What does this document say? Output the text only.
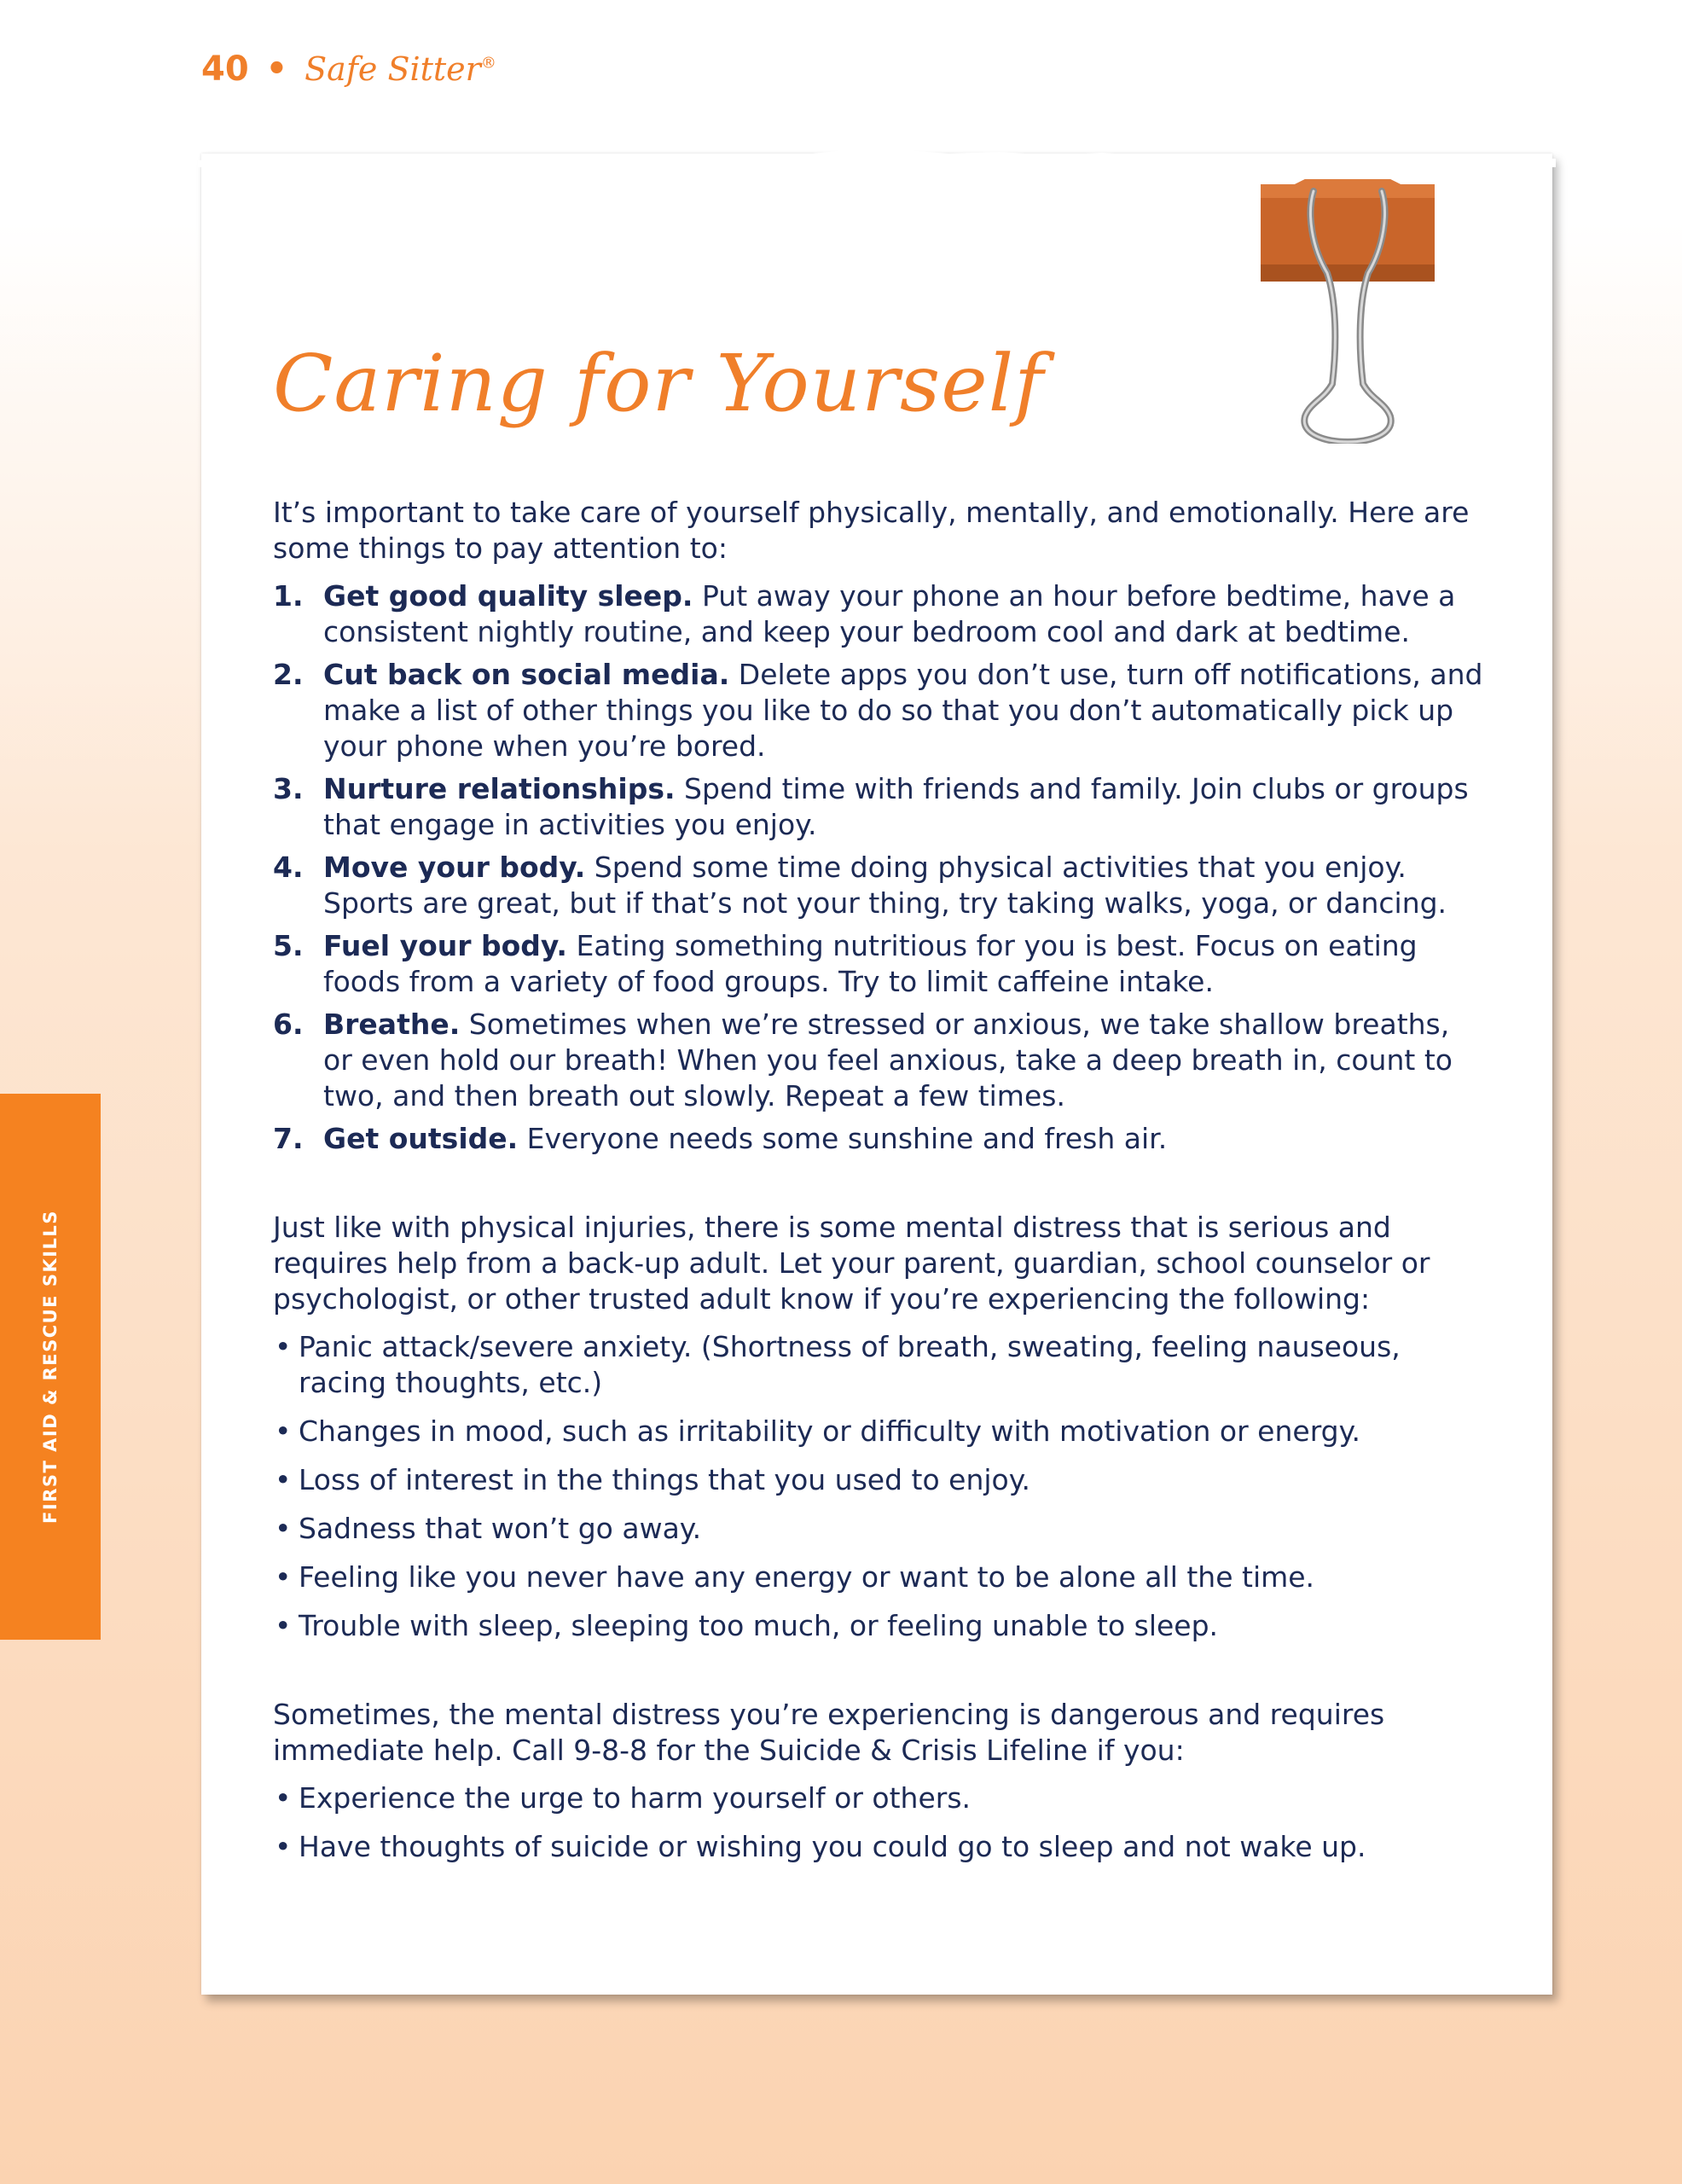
40 • Safe Sitter®
FIRST AID & RESCUE SKILLS
Caring for Yourself

It’s important to take care of yourself physically, mentally, and emotionally. Here are some things to pay attention to:

1. Get good quality sleep. Put away your phone an hour before bedtime, have a consistent nightly routine, and keep your bedroom cool and dark at bedtime.
2. Cut back on social media. Delete apps you don’t use, turn off notifications, and make a list of other things you like to do so that you don’t automatically pick up your phone when you’re bored.
3. Nurture relationships. Spend time with friends and family. Join clubs or groups that engage in activities you enjoy.
4. Move your body. Spend some time doing physical activities that you enjoy. Sports are great, but if that’s not your thing, try taking walks, yoga, or dancing.
5. Fuel your body. Eating something nutritious for you is best. Focus on eating foods from a variety of food groups. Try to limit caffeine intake.
6. Breathe. Sometimes when we’re stressed or anxious, we take shallow breaths, or even hold our breath! When you feel anxious, take a deep breath in, count to two, and then breath out slowly. Repeat a few times.
7. Get outside. Everyone needs some sunshine and fresh air.

Just like with physical injuries, there is some mental distress that is serious and requires help from a back-up adult. Let your parent, guardian, school counselor or psychologist, or other trusted adult know if you’re experiencing the following:

• Panic attack/severe anxiety. (Shortness of breath, sweating, feeling nauseous, racing thoughts, etc.)
• Changes in mood, such as irritability or difficulty with motivation or energy.
• Loss of interest in the things that you used to enjoy.
• Sadness that won’t go away.
• Feeling like you never have any energy or want to be alone all the time.
• Trouble with sleep, sleeping too much, or feeling unable to sleep.

Sometimes, the mental distress you’re experiencing is dangerous and requires immediate help. Call 9-8-8 for the Suicide & Crisis Lifeline if you:

• Experience the urge to harm yourself or others.
• Have thoughts of suicide or wishing you could go to sleep and not wake up.
